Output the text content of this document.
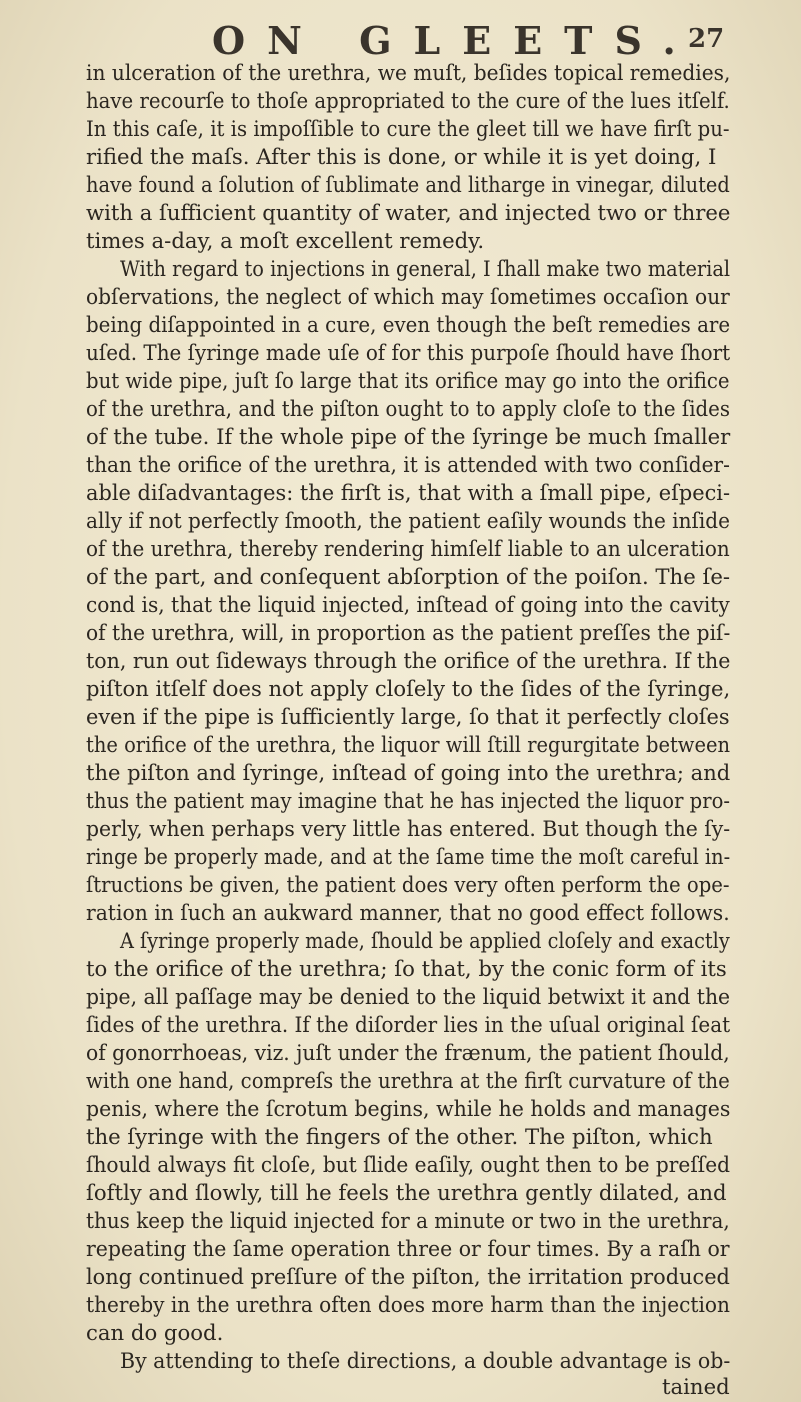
ON GLEETS.
27
in ulceration of the urethra, we muſt, beſides topical remedies,
have recourſe to thoſe appropriated to the cure of the lues itſelf.
In this caſe, it is impoſſible to cure the gleet till we have firſt pu-
rified the maſs. After this is done, or while it is yet doing, I
have found a ſolution of ſublimate and litharge in vinegar, diluted
with a ſufficient quantity of water, and injected two or three
times a-day, a moſt excellent remedy.
With regard to injections in general, I ſhall make two material
obſervations, the neglect of which may ſometimes occaſion our
being diſappointed in a cure, even though the beſt remedies are
uſed. The ſyringe made uſe of for this purpoſe ſhould have ſhort
but wide pipe, juſt ſo large that its orifice may go into the orifice
of the urethra, and the piſton ought to to apply cloſe to the ſides
of the tube. If the whole pipe of the ſyringe be much ſmaller
than the orifice of the urethra, it is attended with two conſider-
able diſadvantages: the firſt is, that with a ſmall pipe, eſpeci-
ally if not perfectly ſmooth, the patient eaſily wounds the inſide
of the urethra, thereby rendering himſelf liable to an ulceration
of the part, and conſequent abſorption of the poiſon. The ſe-
cond is, that the liquid injected, inſtead of going into the cavity
of the urethra, will, in proportion as the patient preſſes the piſ-
ton, run out ſideways through the orifice of the urethra. If the
piſton itſelf does not apply cloſely to the ſides of the ſyringe,
even if the pipe is ſufficiently large, ſo that it perfectly cloſes
the orifice of the urethra, the liquor will ſtill regurgitate between
the piſton and ſyringe, inſtead of going into the urethra; and
thus the patient may imagine that he has injected the liquor pro-
perly, when perhaps very little has entered. But though the ſy-
ringe be properly made, and at the ſame time the moſt careful in-
ſtructions be given, the patient does very often perform the ope-
ration in ſuch an aukward manner, that no good effect follows.
A ſyringe properly made, ſhould be applied cloſely and exactly
to the orifice of the urethra; ſo that, by the conic form of its
pipe, all paſſage may be denied to the liquid betwixt it and the
ſides of the urethra. If the diſorder lies in the uſual original ſeat
of gonorrhoeas, viz. juſt under the frænum, the patient ſhould,
with one hand, compreſs the urethra at the firſt curvature of the
penis, where the ſcrotum begins, while he holds and manages
the ſyringe with the fingers of the other. The piſton, which
ſhould always fit cloſe, but ſlide eaſily, ought then to be preſſed
ſoftly and ſlowly, till he feels the urethra gently dilated, and
thus keep the liquid injected for a minute or two in the urethra,
repeating the ſame operation three or four times. By a raſh or
long continued preſſure of the piſton, the irritation produced
thereby in the urethra often does more harm than the injection
can do good.
By attending to theſe directions, a double advantage is ob-
tained
